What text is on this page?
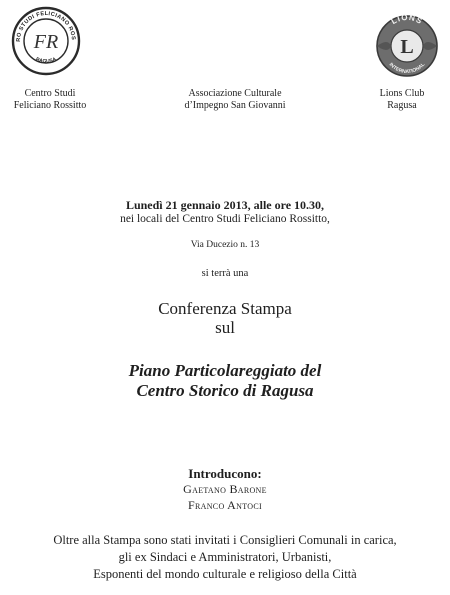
RO STUDI FELICIANO ROS
RAGUSA
FR
LIONS
INTERNATIONAL
L
Centro Studi
Feliciano Rossitto
Associazione Culturale
d’Impegno San Giovanni
Lions Club
Ragusa
Lunedì 21 gennaio 2013, alle ore 10.30,
nei locali del Centro Studi Feliciano Rossitto,
Via Ducezio n. 13
si terrà una
Conferenza Stampa
sul
Piano Particolareggiato del
Centro Storico di Ragusa
Introducono:
Gaetano Barone
Franco Antoci
Oltre alla Stampa sono stati invitati i Consiglieri Comunali in carica,
gli ex Sindaci e Amministratori, Urbanisti,
Esponenti del mondo culturale e religioso della Città
